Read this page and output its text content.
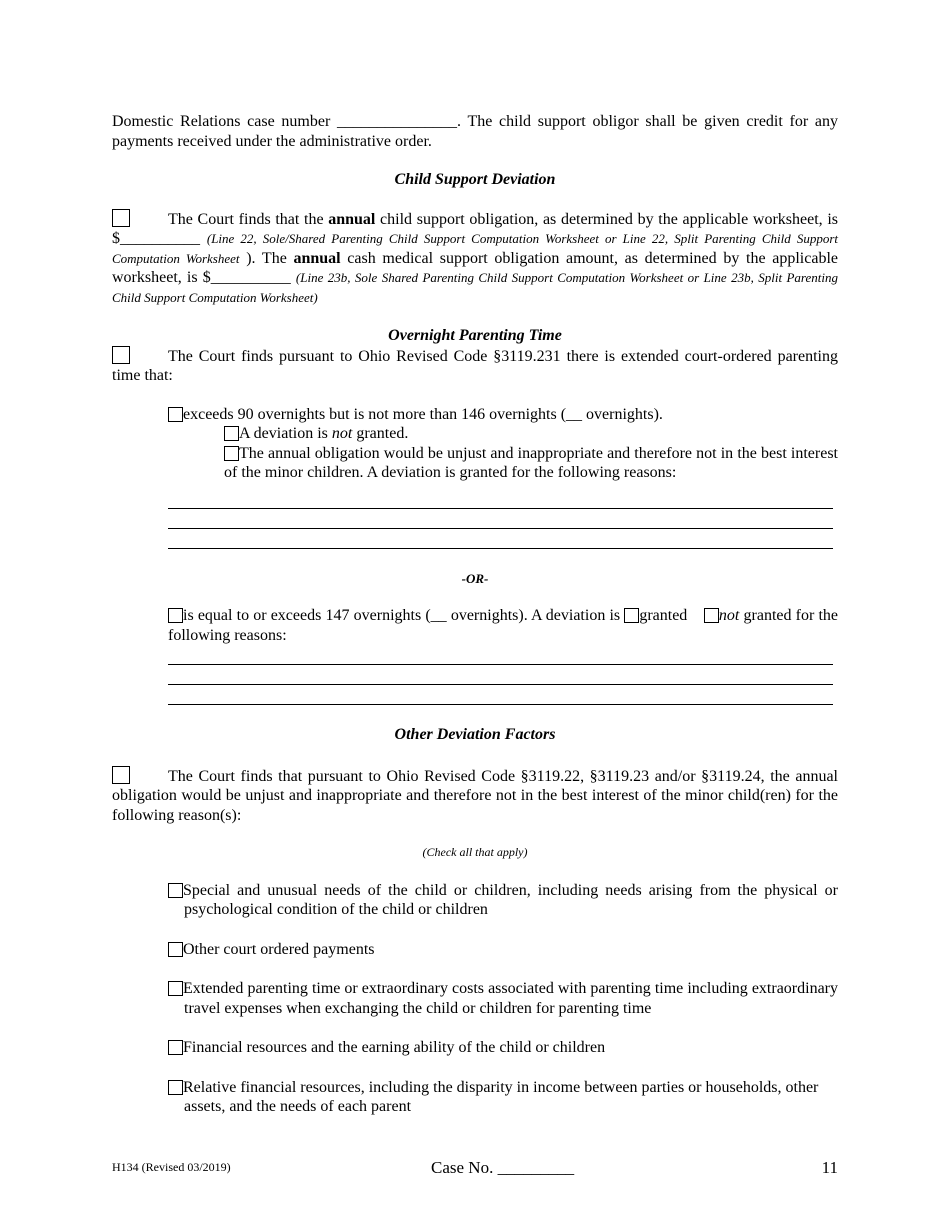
Domestic Relations case number _______________. The child support obligor shall be given credit for any payments received under the administrative order.
Child Support Deviation
The Court finds that the annual child support obligation, as determined by the applicable worksheet, is $__________ (Line 22, Sole/Shared Parenting Child Support Computation Worksheet or Line 22, Split Parenting Child Support Computation Worksheet ). The annual cash medical support obligation amount, as determined by the applicable worksheet, is $__________ (Line 23b, Sole Shared Parenting Child Support Computation Worksheet or Line 23b, Split Parenting Child Support Computation Worksheet)
Overnight Parenting Time
The Court finds pursuant to Ohio Revised Code §3119.231 there is extended court-ordered parenting time that:
exceeds 90 overnights but is not more than 146 overnights (__ overnights).
A deviation is not granted.
The annual obligation would be unjust and inappropriate and therefore not in the best interest of the minor children. A deviation is granted for the following reasons:
-OR-
is equal to or exceeds 147 overnights (__ overnights). A deviation is granted not granted for the following reasons:
Other Deviation Factors
The Court finds that pursuant to Ohio Revised Code §3119.22, §3119.23 and/or §3119.24, the annual obligation would be unjust and inappropriate and therefore not in the best interest of the minor child(ren) for the following reason(s):
(Check all that apply)
Special and unusual needs of the child or children, including needs arising from the physical or psychological condition of the child or children
Other court ordered payments
Extended parenting time or extraordinary costs associated with parenting time including extraordinary travel expenses when exchanging the child or children for parenting time
Financial resources and the earning ability of the child or children
Relative financial resources, including the disparity in income between parties or households, other assets, and the needs of each parent
H134 (Revised 03/2019)	Case No. _________	11
